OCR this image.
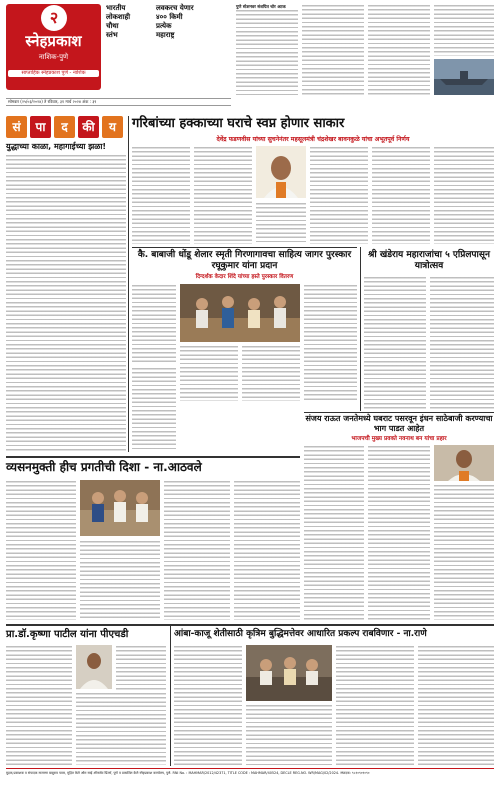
२
स्नेहप्रकाश
नाशिक-पुणे
साप्ताहिक स्नेहप्रकाश पुणे - नाशिक
भारतीय
लोकशाही
चौथा
स्तंभ
लवकरच येणार
४०० किमी
प्रत्येक
महाराष्ट्र
सोमवार (२५/०३/२०२४) ते रविवार, ३१ मार्च २०२४ अंक : ३९
पुणे स्टेशनवर संशयित चोर अटक
सं	पा	द	की	य	गरिबांच्या हक्काच्या घराचे स्वप्न होणार साकार
देवेंद्र फडणवीस यांच्या सुचनेनंतर महसूलमंत्री चंद्रशेखर बावनकुळे यांचा अभूतपूर्व निर्णय
युद्धाच्या काळा, महागाईच्या झळा!
कै. बाबाजी धोंडू शेलार स्मृती गिरणागावचा साहित्य जागर पुरस्कार रघूकुमार यांना प्रदान
दिग्दर्शक केदार शिंदे यांच्या हस्ते पुरस्कार वितरण
श्री खंडेराय महाराजांचा ५ एप्रिलपासून यात्रोत्सव
संजय राऊत जनतेमध्ये घबराट पसरवून इंधन साठेबाजी करण्याचा भाग पाडत आहेत
भाजपची मुख्य प्रवक्ते नवनाथ बन यांचा प्रहार
व्यसनमुक्ती हीच प्रगतीची दिशा - ना.आठवले
प्रा.डॉ.कृष्णा पाटील यांना पीएचडी	आंबा-काजू शेतीसाठी कृत्रिम बुद्धिमत्तेवर आधारित प्रकल्प राबविणार - ना.राणे
मुद्रक,प्रकाशक व संपादक नारायण बाबूराव पवार, मुद्रित केले ओम साई ऑफसेट प्रिंटर्स, पुणे व प्रकाशित केले स्नेहप्रकाश कार्यालय, पुणे. RNI No. : MAHMAR/2012/42371, TITLE CODE : MAHMAR/40524, DECLE REG.NO. WR/MAG/02/2024. संपादक: ९८९०९०९०९०
